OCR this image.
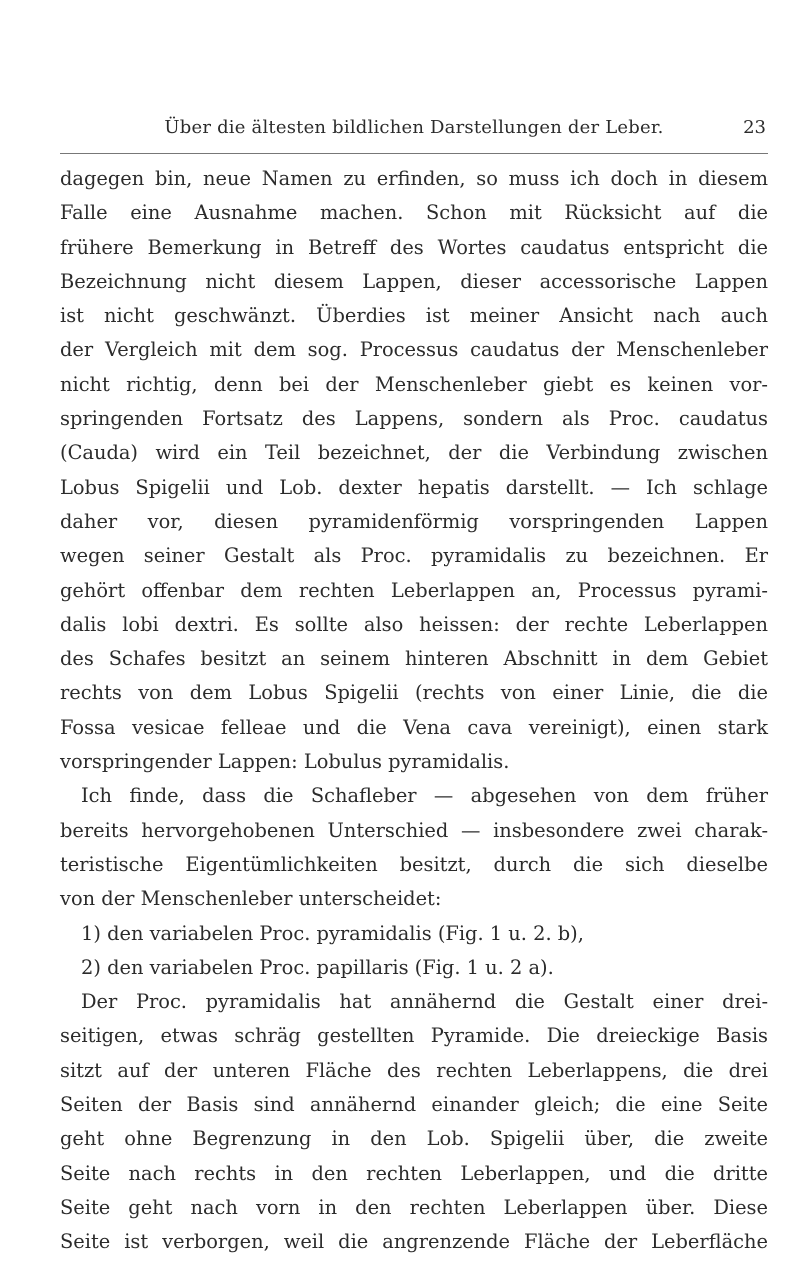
Über die ältesten bildlichen Darstellungen der Leber.	23
dagegen bin, neue Namen zu erfinden, so muss ich doch in diesem
Falle eine Ausnahme machen. Schon mit Rücksicht auf die
frühere Bemerkung in Betreff des Wortes caudatus entspricht die
Bezeichnung nicht diesem Lappen, dieser accessorische Lappen
ist nicht geschwänzt. Überdies ist meiner Ansicht nach auch
der Vergleich mit dem sog. Processus caudatus der Menschenleber
nicht richtig, denn bei der Menschenleber giebt es keinen vor-
springenden Fortsatz des Lappens, sondern als Proc. caudatus
(Cauda) wird ein Teil bezeichnet, der die Verbindung zwischen
Lobus Spigelii und Lob. dexter hepatis darstellt. — Ich schlage
daher vor, diesen pyramidenförmig vorspringenden Lappen
wegen seiner Gestalt als Proc. pyramidalis zu bezeichnen. Er
gehört offenbar dem rechten Leberlappen an, Processus pyrami-
dalis lobi dextri. Es sollte also heissen: der rechte Leberlappen
des Schafes besitzt an seinem hinteren Abschnitt in dem Gebiet
rechts von dem Lobus Spigelii (rechts von einer Linie, die die
Fossa vesicae felleae und die Vena cava vereinigt), einen stark
vorspringender Lappen: Lobulus pyramidalis.
Ich finde, dass die Schafleber — abgesehen von dem früher
bereits hervorgehobenen Unterschied — insbesondere zwei charak-
teristische Eigentümlichkeiten besitzt, durch die sich dieselbe
von der Menschenleber unterscheidet:
1) den variabelen Proc. pyramidalis (Fig. 1 u. 2. b),
2) den variabelen Proc. papillaris (Fig. 1 u. 2 a).
Der Proc. pyramidalis hat annähernd die Gestalt einer drei-
seitigen, etwas schräg gestellten Pyramide. Die dreieckige Basis
sitzt auf der unteren Fläche des rechten Leberlappens, die drei
Seiten der Basis sind annähernd einander gleich; die eine Seite
geht ohne Begrenzung in den Lob. Spigelii über, die zweite
Seite nach rechts in den rechten Leberlappen, und die dritte
Seite geht nach vorn in den rechten Leberlappen über. Diese
Seite ist verborgen, weil die angrenzende Fläche der Leberfläche
